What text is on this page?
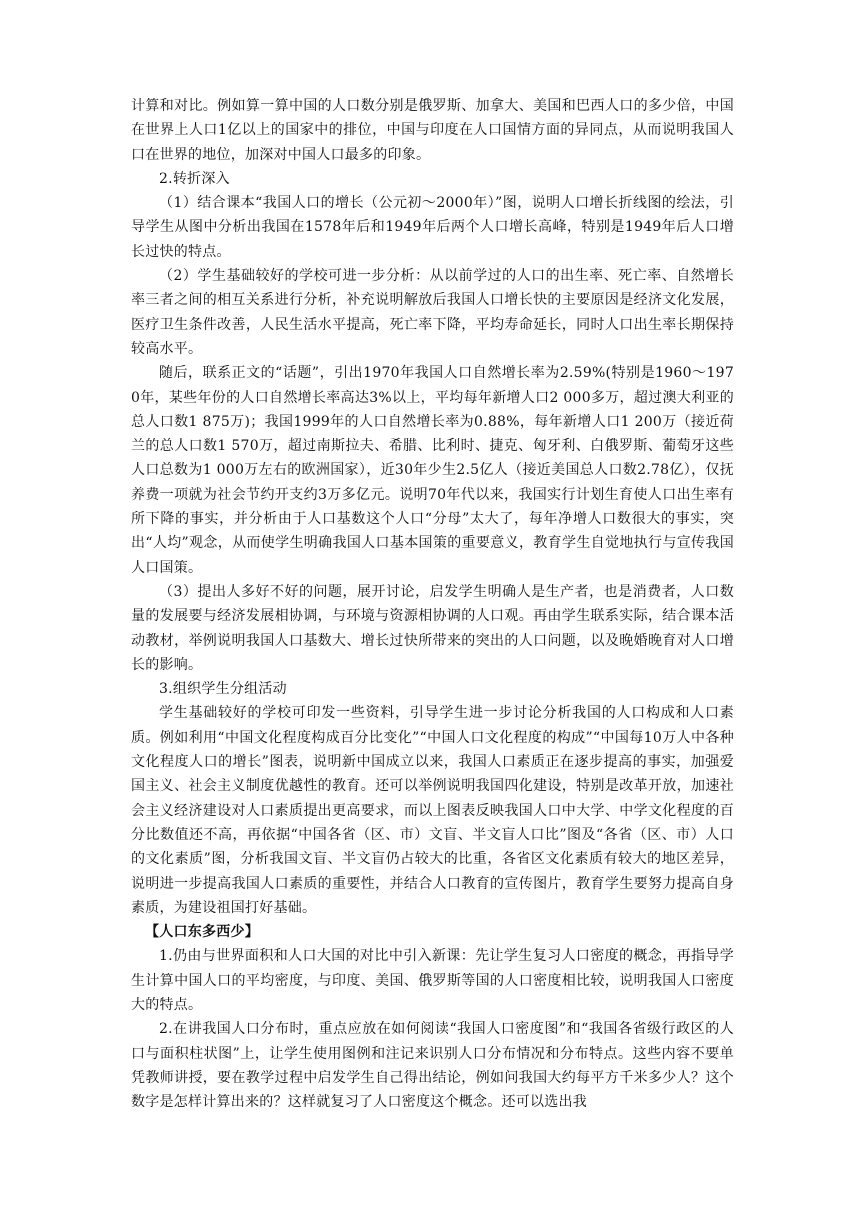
计算和对比。例如算一算中国的人口数分别是俄罗斯、加拿大、美国和巴西人口的多少倍，中国在世界上人口1亿以上的国家中的排位，中国与印度在人口国情方面的异同点，从而说明我国人口在世界的地位，加深对中国人口最多的印象。

2.转折深入

（1）结合课本“我国人口的增长（公元初～2000年）”图，说明人口增长折线图的绘法，引导学生从图中分析出我国在1578年后和1949年后两个人口增长高峰，特别是1949年后人口增长过快的特点。

（2）学生基础较好的学校可进一步分析：从以前学过的人口的出生率、死亡率、自然增长率三者之间的相互关系进行分析，补充说明解放后我国人口增长快的主要原因是经济文化发展，医疗卫生条件改善，人民生活水平提高，死亡率下降，平均寿命延长，同时人口出生率长期保持较高水平。

随后，联系正文的“话题”，引出1970年我国人口自然增长率为2.59%(特别是1960～1970年，某些年份的人口自然增长率高达3%以上，平均每年新增人口2 000多万，超过澳大利亚的总人口数1 875万)；我国1999年的人口自然增长率为0.88%，每年新增人口1 200万（接近荷兰的总人口数1 570万，超过南斯拉夫、希腊、比利时、捷克、匈牙利、白俄罗斯、葡萄牙这些人口总数为1 000万左右的欧洲国家），近30年少生2.5亿人（接近美国总人口数2.78亿），仅抚养费一项就为社会节约开支约3万多亿元。说明70年代以来，我国实行计划生育使人口出生率有所下降的事实，并分析由于人口基数这个人口“分母”太大了，每年净增人口数很大的事实，突出“人均”观念，从而使学生明确我国人口基本国策的重要意义，教育学生自觉地执行与宣传我国人口国策。

（3）提出人多好不好的问题，展开讨论，启发学生明确人是生产者，也是消费者，人口数量的发展要与经济发展相协调，与环境与资源相协调的人口观。再由学生联系实际，结合课本活动教材，举例说明我国人口基数大、增长过快所带来的突出的人口问题，以及晚婚晚育对人口增长的影响。

3.组织学生分组活动

学生基础较好的学校可印发一些资料，引导学生进一步讨论分析我国的人口构成和人口素质。例如利用“中国文化程度构成百分比变化”“中国人口文化程度的构成”“中国每10万人中各种文化程度人口的增长”图表，说明新中国成立以来，我国人口素质正在逐步提高的事实，加强爱国主义、社会主义制度优越性的教育。还可以举例说明我国四化建设，特别是改革开放，加速社会主义经济建设对人口素质提出更高要求，而以上图表反映我国人口中大学、中学文化程度的百分比数值还不高，再依据“中国各省（区、市）文盲、半文盲人口比”图及“各省（区、市）人口的文化素质”图，分析我国文盲、半文盲仍占较大的比重，各省区文化素质有较大的地区差异，说明进一步提高我国人口素质的重要性，并结合人口教育的宣传图片，教育学生要努力提高自身素质，为建设祖国打好基础。

【人口东多西少】

1.仍由与世界面积和人口大国的对比中引入新课：先让学生复习人口密度的概念，再指导学生计算中国人口的平均密度，与印度、美国、俄罗斯等国的人口密度相比较，说明我国人口密度大的特点。

2.在讲我国人口分布时，重点应放在如何阅读“我国人口密度图”和“我国各省级行政区的人口与面积柱状图”上，让学生使用图例和注记来识别人口分布情况和分布特点。这些内容不要单凭教师讲授，要在教学过程中启发学生自己得出结论，例如问我国大约每平方千米多少人？这个数字是怎样计算出来的？这样就复习了人口密度这个概念。还可以选出我
